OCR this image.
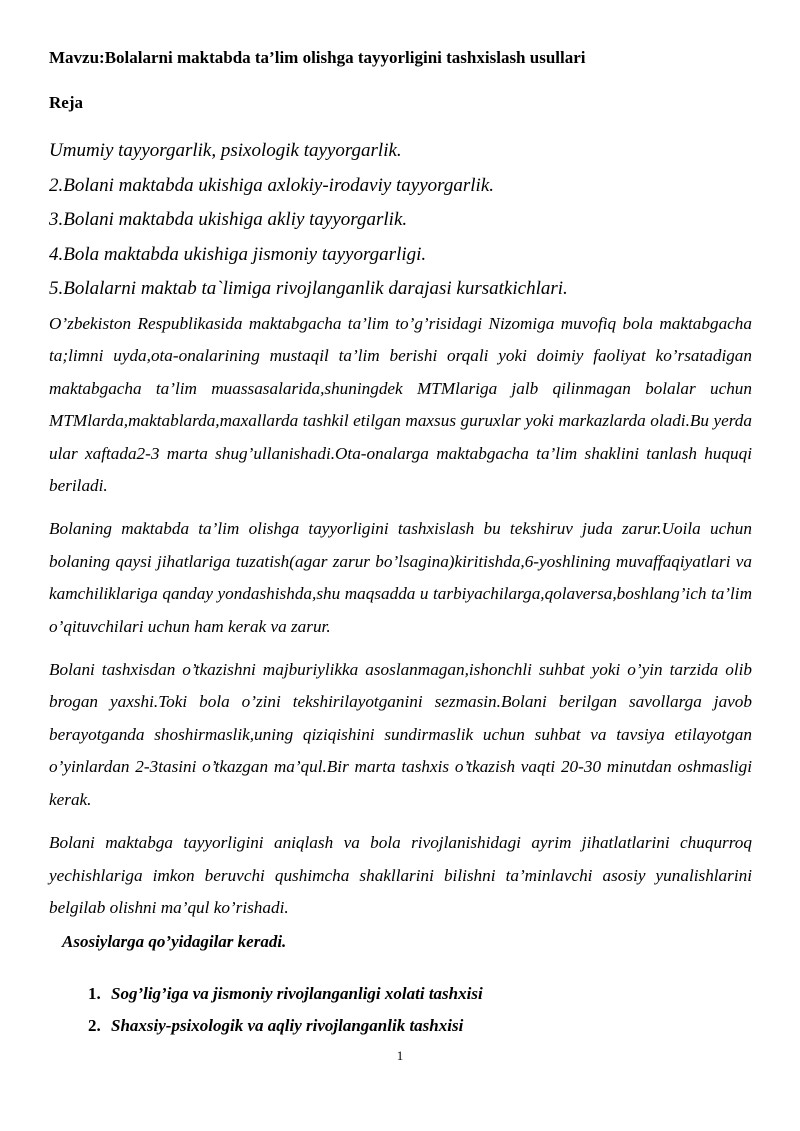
Mavzu:Bolalarni maktabda ta’lim olishga tayyorligini tashxislash usullari
Reja
Umumiy tayyorgarlik, psixologik tayyorgarlik.
2.Bolani maktabda ukishiga axlokiy-irodaviy tayyorgarlik.
3.Bolani maktabda ukishiga akliy tayyorgarlik.
4.Bola maktabda ukishiga jismoniy tayyorgarligi.
5.Bolalarni maktab ta`limiga rivojlanganlik darajasi kursatkichlari.

O’zbekiston Respublikasida maktabgacha ta’lim to’g’risidagi Nizomiga muvofiq bola maktabgacha ta;limni uyda,ota-onalarining mustaqil ta’lim berishi orqali yoki doimiy faoliyat ko’rsatadigan maktabgacha ta’lim muassasalarida,shuningdek MTMlariga jalb qilinmagan bolalar uchun MTMlarda,maktablarda,maxallarda tashkil etilgan maxsus guruxlar yoki markazlarda oladi.Bu yerda ular xaftada2-3 marta shug’ullanishadi.Ota-onalarga maktabgacha ta’lim shaklini tanlash huquqi beriladi.

Bolaning maktabda ta’lim olishga tayyorligini tashxislash bu tekshiruv juda zarur.Uoila uchun bolaning qaysi jihatlariga tuzatish(agar zarur bo’lsagina)kiritishda,6-yoshlining muvaffaqiyatlari va kamchiliklariga qanday yondashishda,shu maqsadda u tarbiyachilarga,qolaversa,boshlang’ich ta’lim o’qituvchilari uchun ham kerak va zarur.

Bolani tashxisdan o’tkazishni majburiylikka asoslanmagan,ishonchli suhbat yoki o’yin tarzida olib brogan yaxshi.Toki bola o’zini tekshirilayotganini sezmasin.Bolani berilgan savollarga javob berayotganda shoshirmaslik,uning qiziqishini sundirmaslik uchun suhbat va tavsiya etilayotgan o’yinlardan 2-3tasini o’tkazgan ma’qul.Bir marta tashxis o’tkazish vaqti 20-30 minutdan oshmasligi kerak.

Bolani maktabga tayyorligini aniqlash va bola rivojlanishidagi ayrim jihatlatlarini chuqurroq yechishlariga imkon beruvchi qushimcha shakllarini bilishni ta’minlavchi asosiy yunalishlarini belgilab olishni ma’qul ko’rishadi.

Asosiylarga qo’yidagilar keradi.
1. Sog’lig’iga va jismoniy rivojlanganligi xolati tashxisi
2. Shaxsiy-psixologik va aqliy rivojlanganlik tashxisi
1
